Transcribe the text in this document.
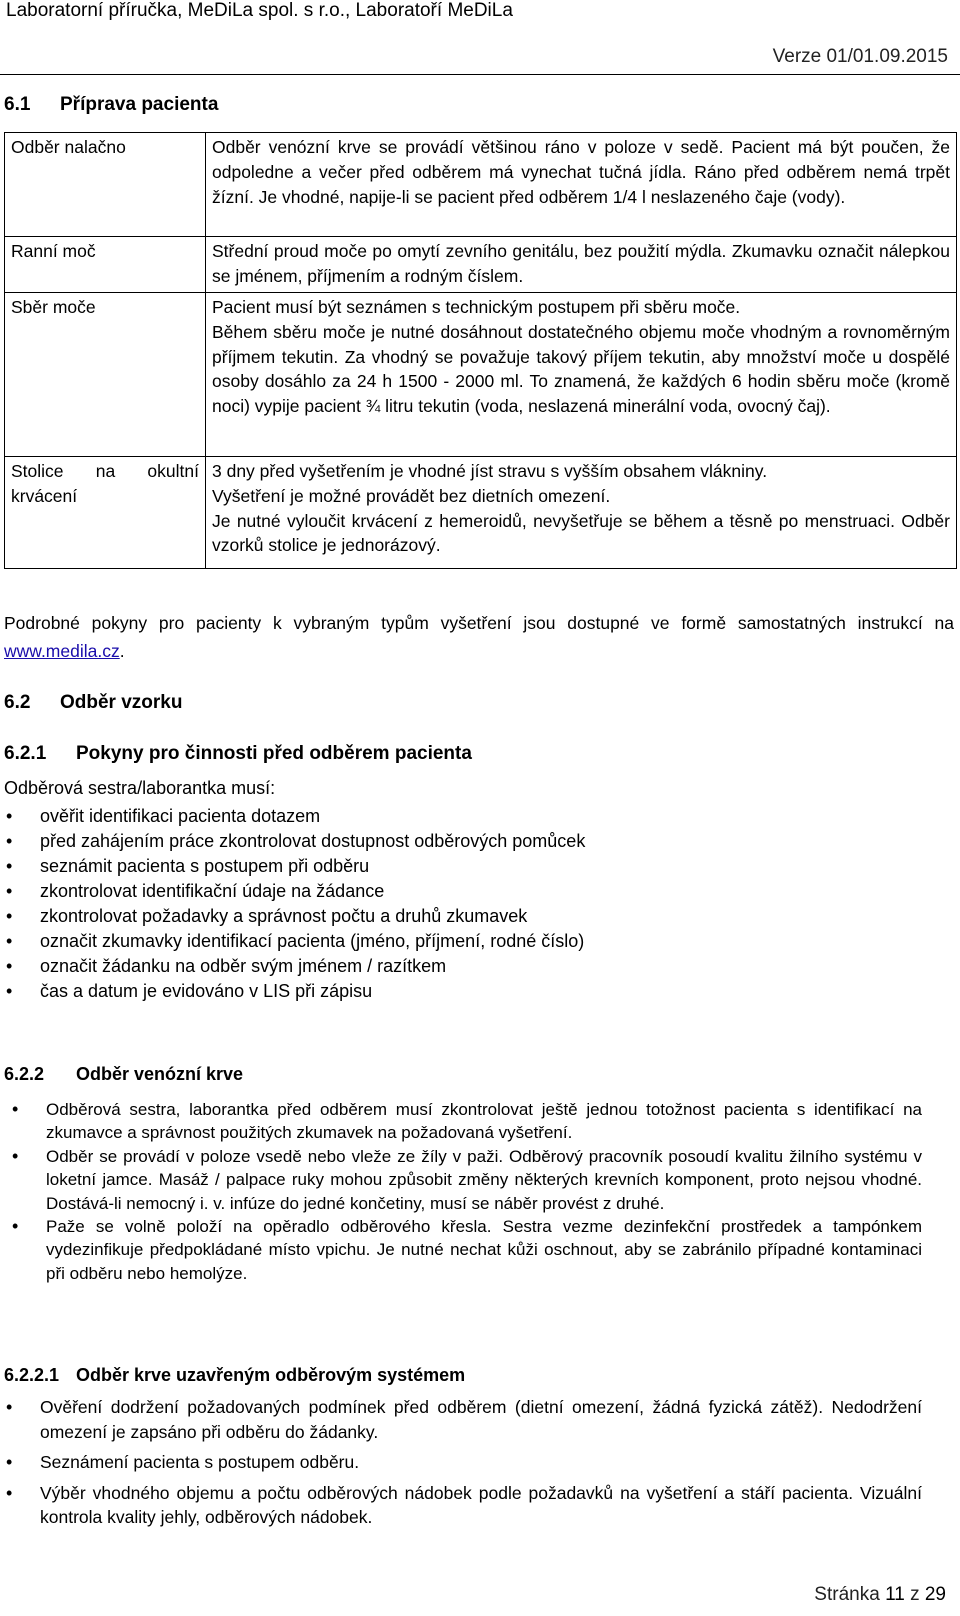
Laboratorní příručka, MeDiLa spol. s r.o., Laboratoří MeDiLa
Verze 01/01.09.2015
6.1 Příprava pacienta
Odběr nalačno	Odběr venózní krve se provádí většinou ráno v poloze v sedě. Pacient má být poučen, že odpoledne a večer před odběrem má vynechat tučná jídla. Ráno před odběrem nemá trpět žízní. Je vhodné, napije-li se pacient před odběrem 1/4 l neslazeného čaje (vody).
Ranní moč	Střední proud moče po omytí zevního genitálu, bez použití mýdla. Zkumavku označit nálepkou se jménem, příjmením a rodným číslem.
Sběr moče	Pacient musí být seznámen s technickým postupem při sběru moče.
Během sběru moče je nutné dosáhnout dostatečného objemu moče vhodným a rovnoměrným příjmem tekutin. Za vhodný se považuje takový příjem tekutin, aby množství moče u dospělé osoby dosáhlo za 24 h 1500 - 2000 ml. To znamená, že každých 6 hodin sběru moče (kromě noci) vypije pacient ¾ litru tekutin (voda, neslazená minerální voda, ovocný čaj).

Stolice na okultní krvácení	3 dny před vyšetřením je vhodné jíst stravu s vyšším obsahem vlákniny.
Vyšetření je možné provádět bez dietních omezení.
Je nutné vyloučit krvácení z hemeroidů, nevyšetřuje se během a těsně po menstruaci. Odběr vzorků stolice je jednorázový.
Podrobné pokyny pro pacienty k vybraným typům vyšetření jsou dostupné ve formě samostatných instrukcí na www.medila.cz.
6.2 Odběr vzorku
6.2.1 Pokyny pro činnosti před odběrem pacienta
Odběrová sestra/laborantka musí:
• ověřit identifikaci pacienta dotazem
• před zahájením práce zkontrolovat dostupnost odběrových pomůcek
• seznámit pacienta s postupem při odběru
• zkontrolovat identifikační údaje na žádance
• zkontrolovat požadavky a správnost počtu a druhů zkumavek
• označit zkumavky identifikací pacienta (jméno, příjmení, rodné číslo)
• označit žádanku na odběr svým jménem / razítkem
• čas a datum je evidováno v LIS při zápisu
6.2.2 Odběr venózní krve
• Odběrová sestra, laborantka před odběrem musí zkontrolovat ještě jednou totožnost pacienta s identifikací na zkumavce a správnost použitých zkumavek na požadovaná vyšetření.
• Odběr se provádí v poloze vsedě nebo vleže ze žíly v paži. Odběrový pracovník posoudí kvalitu žilního systému v loketní jamce. Masáž / palpace ruky mohou způsobit změny některých krevních komponent, proto nejsou vhodné. Dostává-li nemocný i. v. infúze do jedné končetiny, musí se náběr provést z druhé.
• Paže se volně položí na opěradlo odběrového křesla. Sestra vezme dezinfekční prostředek a tampónkem vydezinfikuje předpokládané místo vpichu. Je nutné nechat kůži oschnout, aby se zabránilo případné kontaminaci při odběru nebo hemolýze.
6.2.2.1 Odběr krve uzavřeným odběrovým systémem
• Ověření dodržení požadovaných podmínek před odběrem (dietní omezení, žádná fyzická zátěž). Nedodržení omezení je zapsáno při odběru do žádanky.
• Seznámení pacienta s postupem odběru.
• Výběr vhodného objemu a počtu odběrových nádobek podle požadavků na vyšetření a stáří pacienta. Vizuální kontrola kvality jehly, odběrových nádobek.
Stránka 11 z 29
